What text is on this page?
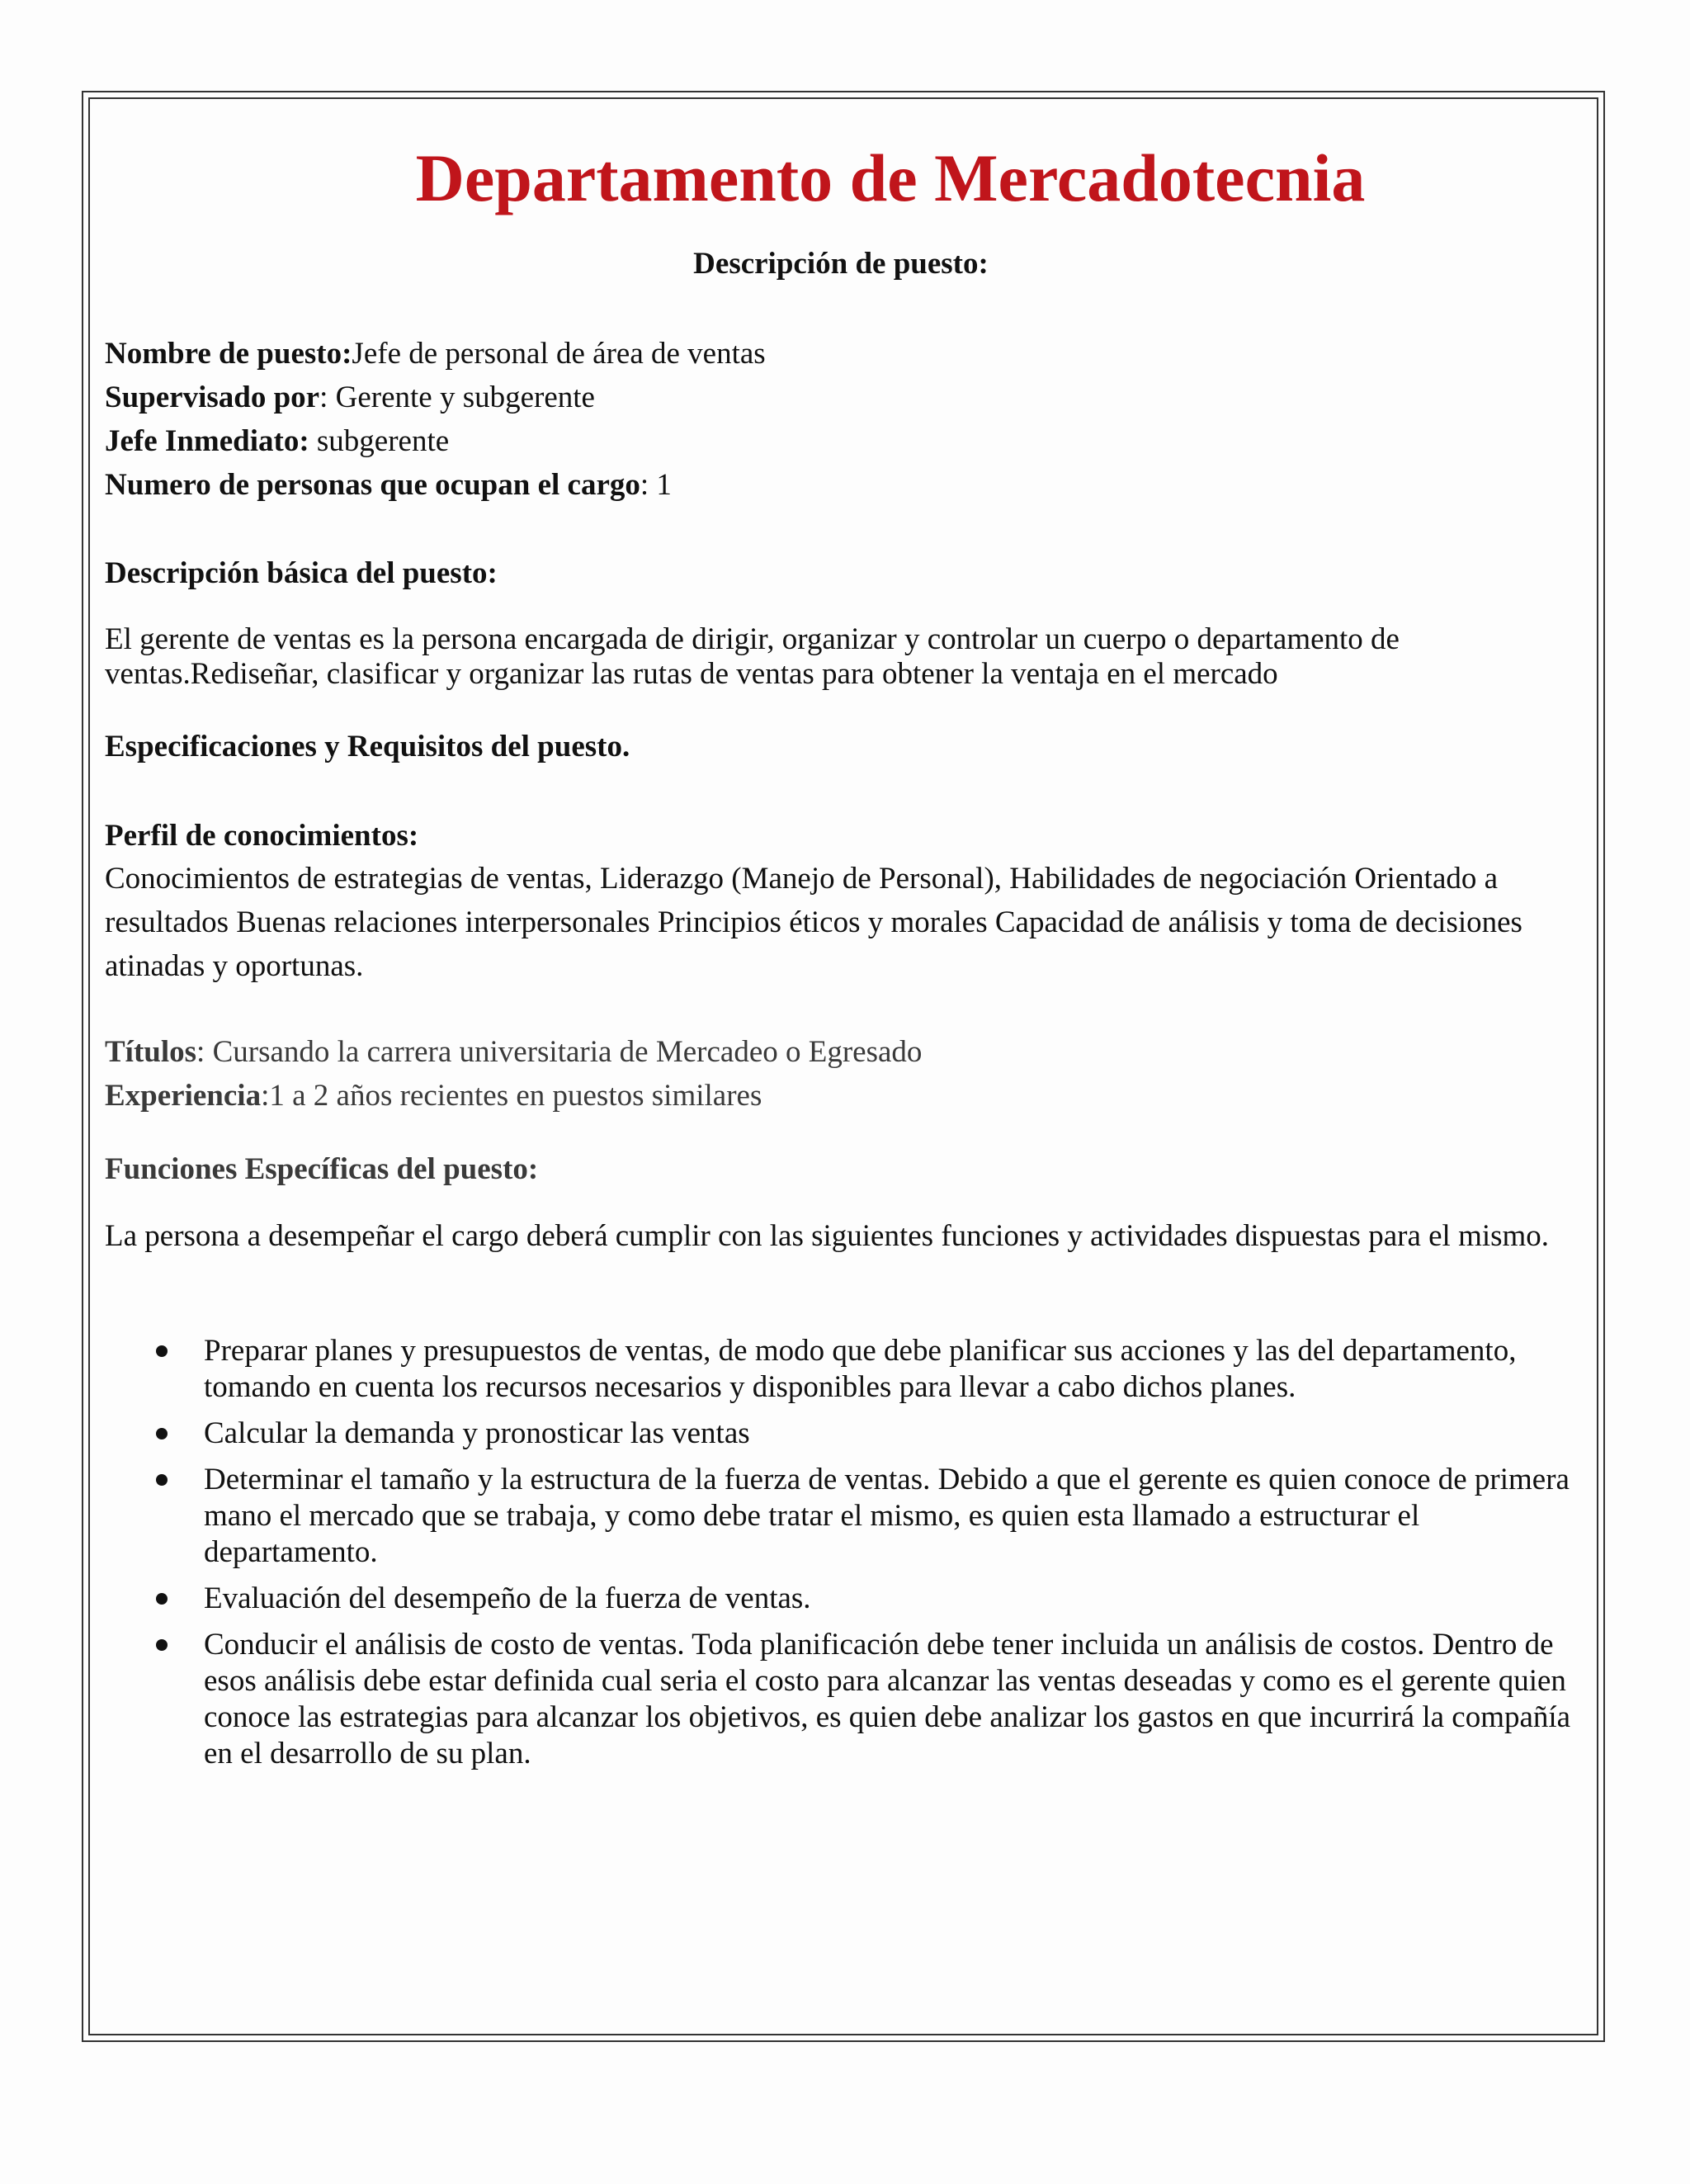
Departamento de Mercadotecnia
Descripción de puesto:

Nombre de puesto:Jefe de personal de área de ventas

Supervisado por: Gerente y subgerente

Jefe Inmediato: subgerente

Numero de personas que ocupan el cargo: 1

Descripción básica del puesto:
El gerente de ventas es la persona encargada de dirigir, organizar y controlar un cuerpo o departamento de ventas.Rediseñar, clasificar y organizar las rutas de ventas para obtener la ventaja en el mercado
Especificaciones y Requisitos del puesto.
Perfil de conocimientos:
Conocimientos de estrategias de ventas, Liderazgo (Manejo de Personal), Habilidades de negociación Orientado a resultados Buenas relaciones interpersonales Principios éticos y morales Capacidad de análisis y toma de decisiones atinadas y oportunas.

Títulos: Cursando la carrera universitaria de Mercadeo o Egresado

Experiencia:1 a 2 años recientes en puestos similares

Funciones Específicas del puesto:
La persona a desempeñar el cargo deberá cumplir con las siguientes funciones y actividades dispuestas para el mismo.
Preparar planes y presupuestos de ventas, de modo que debe planificar sus acciones y las del departamento, tomando en cuenta los recursos necesarios y disponibles para llevar a cabo dichos planes.
Calcular la demanda y pronosticar las ventas
Determinar el tamaño y la estructura de la fuerza de ventas. Debido a que el gerente es quien conoce de primera mano el mercado que se trabaja, y como debe tratar el mismo, es quien esta llamado a estructurar el departamento.
Evaluación del desempeño de la fuerza de ventas.
Conducir el análisis de costo de ventas. Toda planificación debe tener incluida un análisis de costos. Dentro de esos análisis debe estar definida cual seria el costo para alcanzar las ventas deseadas y como es el gerente quien conoce las estrategias para alcanzar los objetivos, es quien debe analizar los gastos en que incurrirá la compañía en el desarrollo de su plan.
